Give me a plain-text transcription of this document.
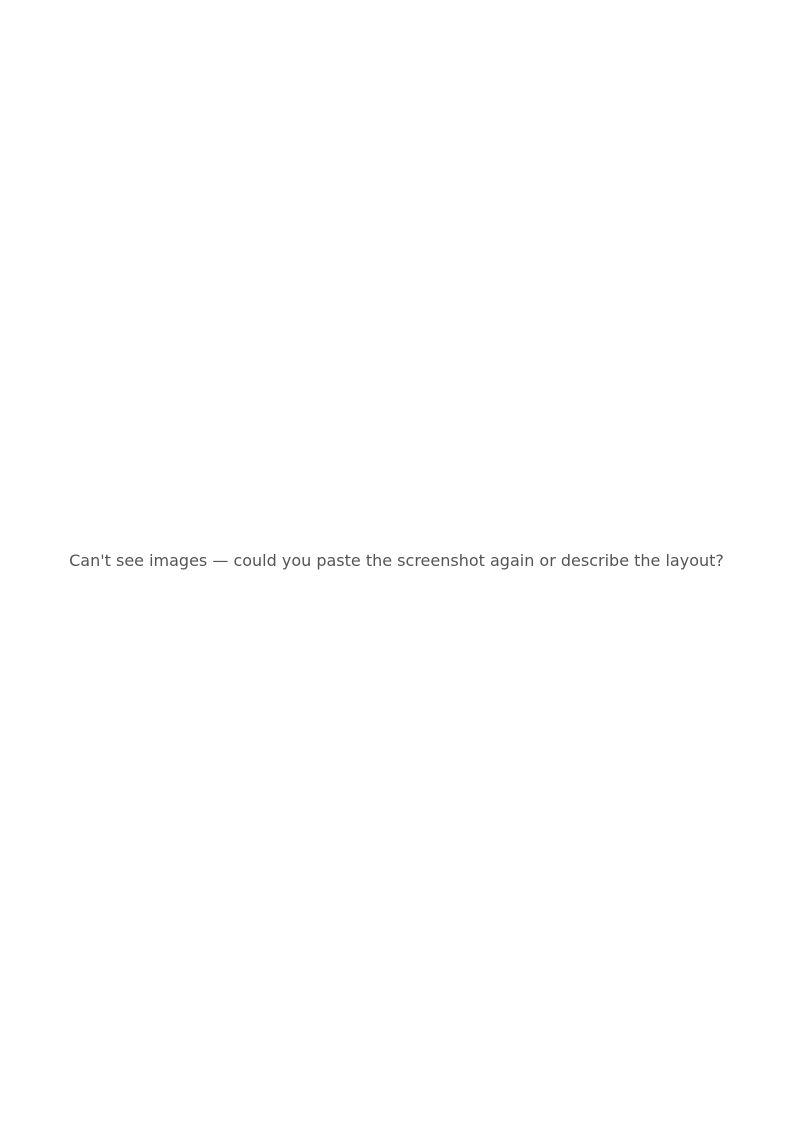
Can't see images — could you paste the screenshot again or describe the layout?
